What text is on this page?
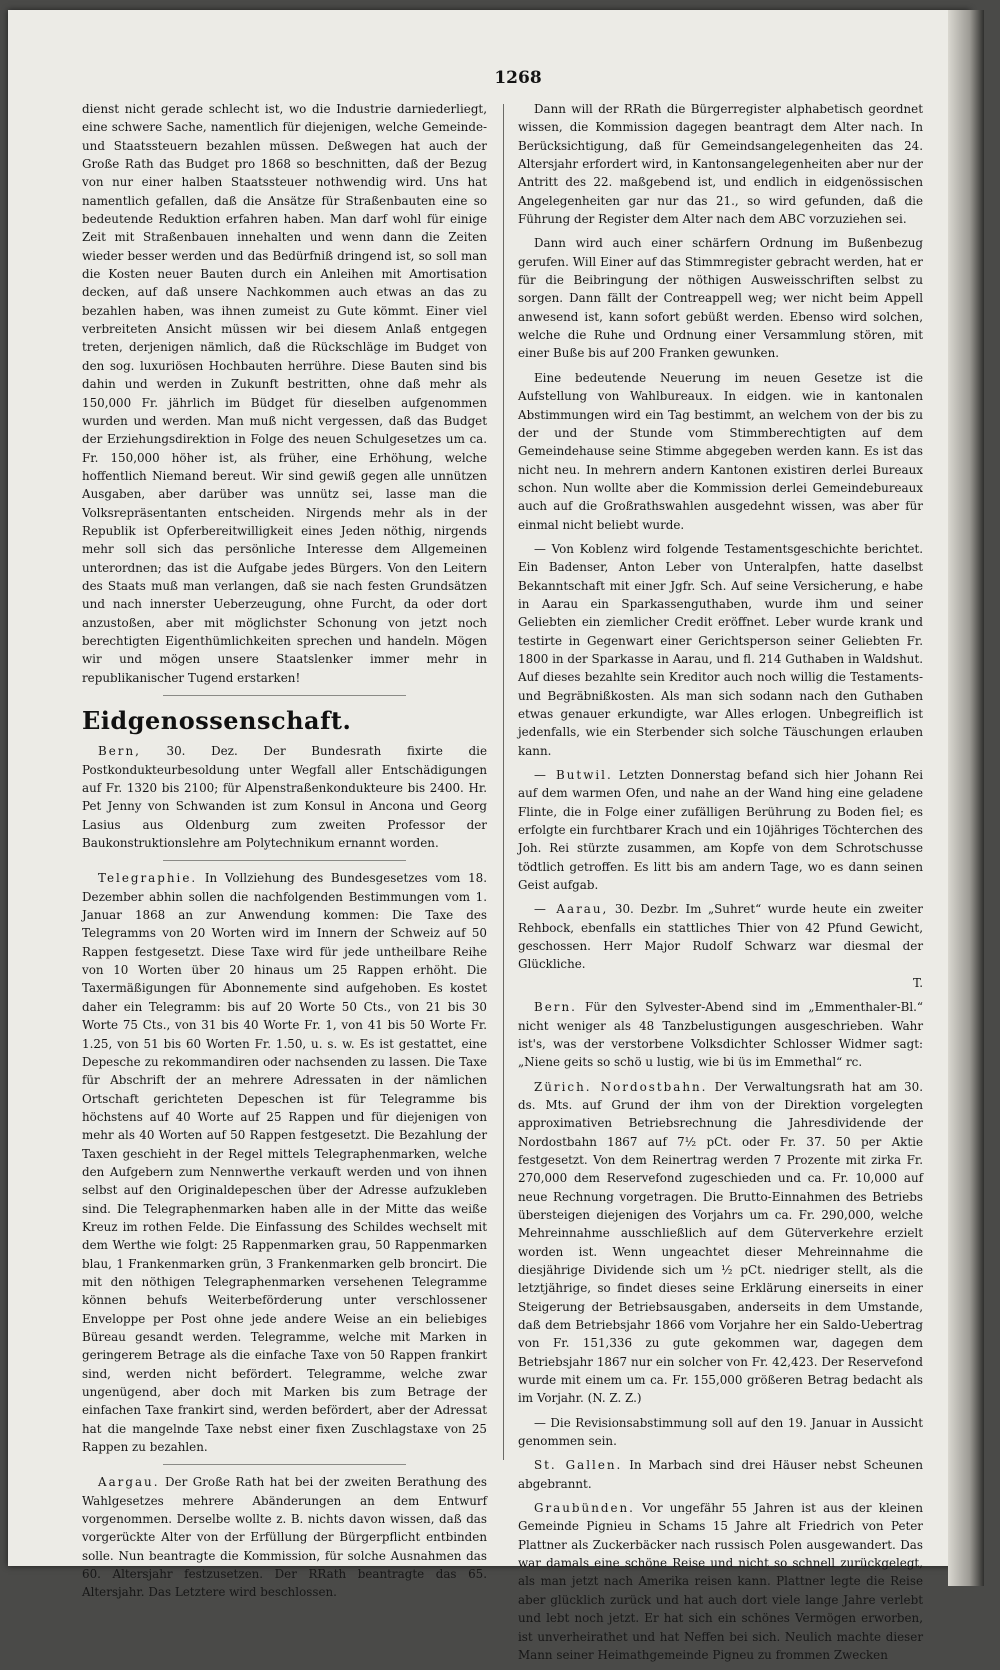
1268

dienst nicht gerade schlecht ist, wo die Industrie darniederliegt, eine schwere Sache, namentlich für diejenigen, welche Gemeinde- und Staatssteuern bezahlen müssen. Deßwegen hat auch der Große Rath das Budget pro 1868 so beschnitten, daß der Bezug von nur einer halben Staatssteuer nothwendig wird. Uns hat namentlich gefallen, daß die Ansätze für Straßenbauten eine so bedeutende Reduktion erfahren haben. Man darf wohl für einige Zeit mit Straßenbauen innehalten und wenn dann die Zeiten wieder besser werden und das Bedürfniß dringend ist, so soll man die Kosten neuer Bauten durch ein Anleihen mit Amortisation decken, auf daß unsere Nachkommen auch etwas an das zu bezahlen haben, was ihnen zumeist zu Gute kömmt. Einer viel verbreiteten Ansicht müssen wir bei diesem Anlaß entgegen treten, derjenigen nämlich, daß die Rückschläge im Budget von den sog. luxuriösen Hochbauten herrühre. Diese Bauten sind bis dahin und werden in Zukunft bestritten, ohne daß mehr als 150,000 Fr. jährlich im Büdget für dieselben aufgenommen wurden und werden. Man muß nicht vergessen, daß das Budget der Erziehungsdirektion in Folge des neuen Schulgesetzes um ca. Fr. 150,000 höher ist, als früher, eine Erhöhung, welche hoffentlich Niemand bereut. Wir sind gewiß gegen alle unnützen Ausgaben, aber darüber was unnütz sei, lasse man die Volksrepräsentanten entscheiden. Nirgends mehr als in der Republik ist Opferbereitwilligkeit eines Jeden nöthig, nirgends mehr soll sich das persönliche Interesse dem Allgemeinen unterordnen; das ist die Aufgabe jedes Bürgers. Von den Leitern des Staats muß man verlangen, daß sie nach festen Grundsätzen und nach innerster Ueberzeugung, ohne Furcht, da oder dort anzustoßen, aber mit möglichster Schonung von jetzt noch berechtigten Eigenthümlichkeiten sprechen und handeln. Mögen wir und mögen unsere Staatslenker immer mehr in republikanischer Tugend erstarken!

Eidgenossenschaft.

Bern, 30. Dez. Der Bundesrath fixirte die Postkondukteurbesoldung unter Wegfall aller Entschädigungen auf Fr. 1320 bis 2100; für Alpenstraßenkondukteure bis 2400. Hr. Pet Jenny von Schwanden ist zum Konsul in Ancona und Georg Lasius aus Oldenburg zum zweiten Professor der Baukonstruktionslehre am Polytechnikum ernannt worden.

Telegraphie. In Vollziehung des Bundesgesetzes vom 18. Dezember abhin sollen die nachfolgenden Bestimmungen vom 1. Januar 1868 an zur Anwendung kommen: Die Taxe des Telegramms von 20 Worten wird im Innern der Schweiz auf 50 Rappen festgesetzt. Diese Taxe wird für jede untheilbare Reihe von 10 Worten über 20 hinaus um 25 Rappen erhöht. Die Taxermäßigungen für Abonnemente sind aufgehoben. Es kostet daher ein Telegramm: bis auf 20 Worte 50 Cts., von 21 bis 30 Worte 75 Cts., von 31 bis 40 Worte Fr. 1, von 41 bis 50 Worte Fr. 1.25, von 51 bis 60 Worten Fr. 1.50, u. s. w. Es ist gestattet, eine Depesche zu rekommandiren oder nachsenden zu lassen. Die Taxe für Abschrift der an mehrere Adressaten in der nämlichen Ortschaft gerichteten Depeschen ist für Telegramme bis höchstens auf 40 Worte auf 25 Rappen und für diejenigen von mehr als 40 Worten auf 50 Rappen festgesetzt. Die Bezahlung der Taxen geschieht in der Regel mittels Telegraphenmarken, welche den Aufgebern zum Nennwerthe verkauft werden und von ihnen selbst auf den Originaldepeschen über der Adresse aufzukleben sind. Die Telegraphenmarken haben alle in der Mitte das weiße Kreuz im rothen Felde. Die Einfassung des Schildes wechselt mit dem Werthe wie folgt: 25 Rappenmarken grau, 50 Rappenmarken blau, 1 Frankenmarken grün, 3 Frankenmarken gelb broncirt. Die mit den nöthigen Telegraphenmarken versehenen Telegramme können behufs Weiterbeförderung unter verschlossener Enveloppe per Post ohne jede andere Weise an ein beliebiges Büreau gesandt werden. Telegramme, welche mit Marken in geringerem Betrage als die einfache Taxe von 50 Rappen frankirt sind, werden nicht befördert. Telegramme, welche zwar ungenügend, aber doch mit Marken bis zum Betrage der einfachen Taxe frankirt sind, werden befördert, aber der Adressat hat die mangelnde Taxe nebst einer fixen Zuschlagstaxe von 25 Rappen zu bezahlen.

Aargau. Der Große Rath hat bei der zweiten Berathung des Wahlgesetzes mehrere Abänderungen an dem Entwurf vorgenommen. Derselbe wollte z. B. nichts davon wissen, daß das vorgerückte Alter von der Erfüllung der Bürgerpflicht entbinden solle. Nun beantragte die Kommission, für solche Ausnahmen das 60. Altersjahr festzusetzen. Der RRath beantragte das 65. Altersjahr. Das Letztere wird beschlossen.

Dann will der RRath die Bürgerregister alphabetisch geordnet wissen, die Kommission dagegen beantragt dem Alter nach. In Berücksichtigung, daß für Gemeindsangelegenheiten das 24. Altersjahr erfordert wird, in Kantonsangelegenheiten aber nur der Antritt des 22. maßgebend ist, und endlich in eidgenössischen Angelegenheiten gar nur das 21., so wird gefunden, daß die Führung der Register dem Alter nach dem ABC vorzuziehen sei.

Dann wird auch einer schärfern Ordnung im Bußenbezug gerufen. Will Einer auf das Stimmregister gebracht werden, hat er für die Beibringung der nöthigen Ausweisschriften selbst zu sorgen. Dann fällt der Contreappell weg; wer nicht beim Appell anwesend ist, kann sofort gebüßt werden. Ebenso wird solchen, welche die Ruhe und Ordnung einer Versammlung stören, mit einer Buße bis auf 200 Franken gewunken.

Eine bedeutende Neuerung im neuen Gesetze ist die Aufstellung von Wahlbureaux. In eidgen. wie in kantonalen Abstimmungen wird ein Tag bestimmt, an welchem von der bis zu der und der Stunde vom Stimmberechtigten auf dem Gemeindehause seine Stimme abgegeben werden kann. Es ist das nicht neu. In mehrern andern Kantonen existiren derlei Bureaux schon. Nun wollte aber die Kommission derlei Gemeindebureaux auch auf die Großrathswahlen ausgedehnt wissen, was aber für einmal nicht beliebt wurde.

— Von Koblenz wird folgende Testamentsgeschichte berichtet. Ein Badenser, Anton Leber von Unteralpfen, hatte daselbst Bekanntschaft mit einer Jgfr. Sch. Auf seine Versicherung, e habe in Aarau ein Sparkassenguthaben, wurde ihm und seiner Geliebten ein ziemlicher Credit eröffnet. Leber wurde krank und testirte in Gegenwart einer Gerichtsperson seiner Geliebten Fr. 1800 in der Sparkasse in Aarau, und fl. 214 Guthaben in Waldshut. Auf dieses bezahlte sein Kreditor auch noch willig die Testaments- und Begräbnißkosten. Als man sich sodann nach den Guthaben etwas genauer erkundigte, war Alles erlogen. Unbegreiflich ist jedenfalls, wie ein Sterbender sich solche Täuschungen erlauben kann.

— Butwil. Letzten Donnerstag befand sich hier Johann Rei auf dem warmen Ofen, und nahe an der Wand hing eine geladene Flinte, die in Folge einer zufälligen Berührung zu Boden fiel; es erfolgte ein furchtbarer Krach und ein 10jähriges Töchterchen des Joh. Rei stürzte zusammen, am Kopfe von dem Schrotschusse tödtlich getroffen. Es litt bis am andern Tage, wo es dann seinen Geist aufgab.

— Aarau, 30. Dezbr. Im „Suhret“ wurde heute ein zweiter Rehbock, ebenfalls ein stattliches Thier von 42 Pfund Gewicht, geschossen. Herr Major Rudolf Schwarz war diesmal der Glückliche.

T.

Bern. Für den Sylvester-Abend sind im „Emmenthaler-Bl.“ nicht weniger als 48 Tanzbelustigungen ausgeschrieben. Wahr ist's, was der verstorbene Volksdichter Schlosser Widmer sagt: „Niene geits so schö u lustig, wie bi üs im Emmethal“ rc.

Zürich. Nordostbahn. Der Verwaltungsrath hat am 30. ds. Mts. auf Grund der ihm von der Direktion vorgelegten approximativen Betriebsrechnung die Jahresdividende der Nordostbahn 1867 auf 7½ pCt. oder Fr. 37. 50 per Aktie festgesetzt. Von dem Reinertrag werden 7 Prozente mit zirka Fr. 270,000 dem Reservefond zugeschieden und ca. Fr. 10,000 auf neue Rechnung vorgetragen. Die Brutto-Einnahmen des Betriebs übersteigen diejenigen des Vorjahrs um ca. Fr. 290,000, welche Mehreinnahme ausschließlich auf dem Güterverkehre erzielt worden ist. Wenn ungeachtet dieser Mehreinnahme die diesjährige Dividende sich um ½ pCt. niedriger stellt, als die letztjährige, so findet dieses seine Erklärung einerseits in einer Steigerung der Betriebsausgaben, anderseits in dem Umstande, daß dem Betriebsjahr 1866 vom Vorjahre her ein Saldo-Uebertrag von Fr. 151,336 zu gute gekommen war, dagegen dem Betriebsjahr 1867 nur ein solcher von Fr. 42,423. Der Reservefond wurde mit einem um ca. Fr. 155,000 größeren Betrag bedacht als im Vorjahr. (N. Z. Z.)

— Die Revisionsabstimmung soll auf den 19. Januar in Aussicht genommen sein.

St. Gallen. In Marbach sind drei Häuser nebst Scheunen abgebrannt.

Graubünden. Vor ungefähr 55 Jahren ist aus der kleinen Gemeinde Pignieu in Schams 15 Jahre alt Friedrich von Peter Plattner als Zuckerbäcker nach russisch Polen ausgewandert. Das war damals eine schöne Reise und nicht so schnell zurückgelegt, als man jetzt nach Amerika reisen kann. Plattner legte die Reise aber glücklich zurück und hat auch dort viele lange Jahre verlebt und lebt noch jetzt. Er hat sich ein schönes Vermögen erworben, ist unverheirathet und hat Neffen bei sich. Neulich machte dieser Mann seiner Heimathgemeinde Pigneu zu frommen Zwecken
